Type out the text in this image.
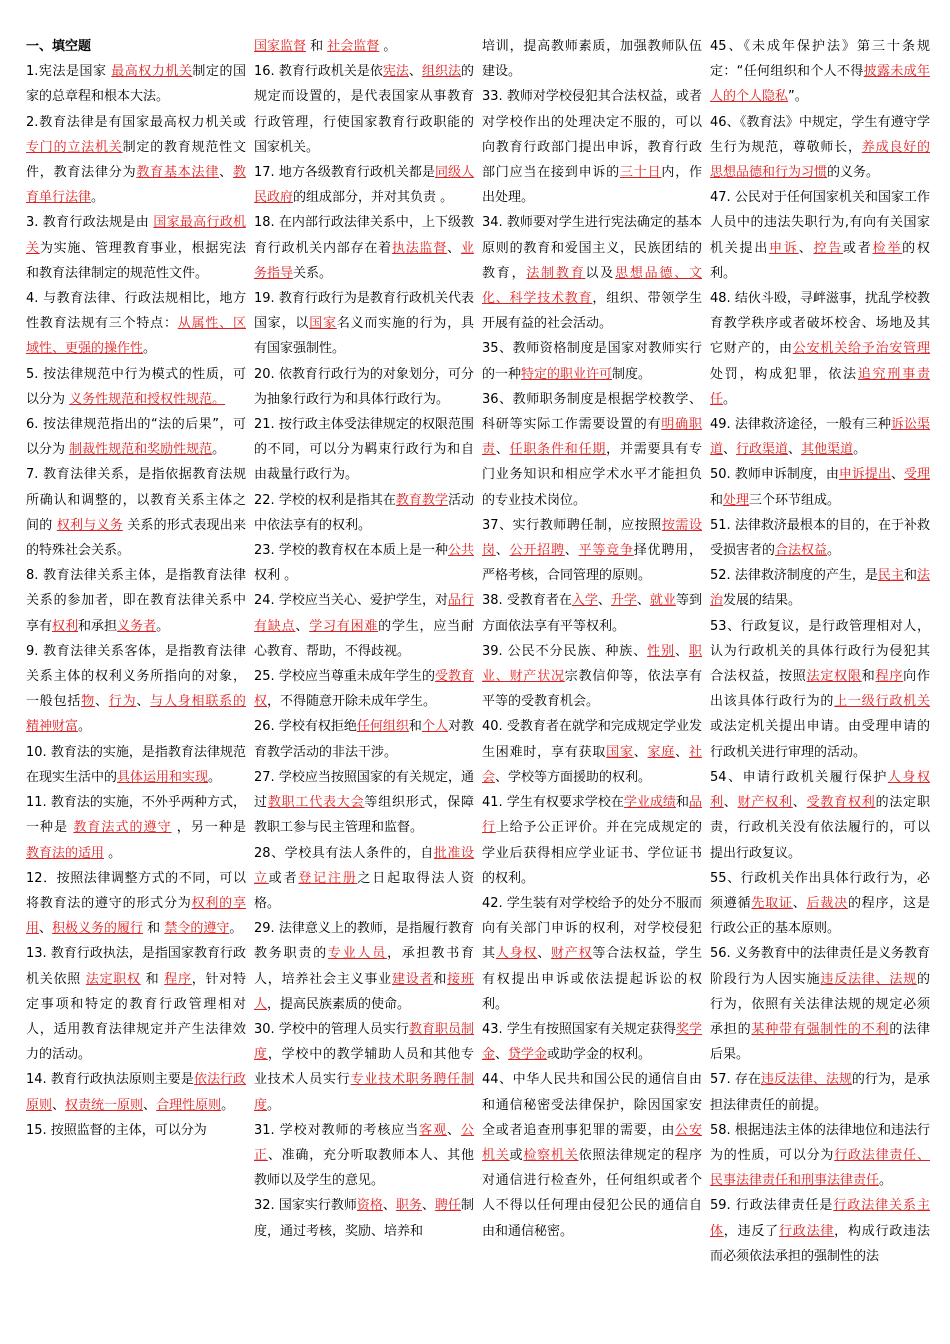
一、填空题

1.宪法是国家 最高权力机关制定的国家的总章程和根本大法。

2.教育法律是有国家最高权力机关或专门的立法机关制定的教育规范性文件，教育法律分为教育基本法律、教育单行法律。

3. 教育行政法规是由 国家最高行政机关为实施、管理教育事业，根据宪法和教育法律制定的规范性文件。

4. 与教育法律、行政法规相比，地方性教育法规有三个特点：从属性、区域性、更强的操作性。

5. 按法律规范中行为模式的性质，可以分为 义务性规范和授权性规范。

6. 按法律规范指出的“法的后果”，可以分为 制裁性规范和奖励性规范。

7. 教育法律关系，是指依据教育法规所确认和调整的，以教育关系主体之间的 权利与义务 关系的形式表现出来的特殊社会关系。

8. 教育法律关系主体，是指教育法律关系的参加者，即在教育法律关系中享有权利和承担义务者。

9. 教育法律关系客体，是指教育法律关系主体的权利义务所指向的对象，一般包括物、行为、与人身相联系的精神财富。

10. 教育法的实施，是指教育法律规范在现实生活中的具体运用和实现。

11. 教育法的实施，不外乎两种方式，一种是 教育法式的遵守 ，另一种是 教育法的适用 。

12．按照法律调整方式的不同，可以将教育法的遵守的形式分为权利的享用、积极义务的履行 和 禁令的遵守。

13. 教育行政执法，是指国家教育行政机关依照 法定职权 和 程序，针对特定事项和特定的教育行政管理相对人，适用教育法律规定并产生法律效力的活动。

14. 教育行政执法原则主要是依法行政原则、权责统一原则、合理性原则。

15. 按照监督的主体，可以分为

国家监督 和 社会监督 。

16. 教育行政机关是依宪法、组织法的规定而设置的，是代表国家从事教育行政管理，行使国家教育行政职能的国家机关。

17. 地方各级教育行政机关都是同级人民政府的组成部分，并对其负责 。

18. 在内部行政法律关系中，上下级教育行政机关内部存在着执法监督、业务指导关系。

19. 教育行政行为是教育行政机关代表国家，以国家名义而实施的行为，具有国家强制性。

20. 依教育行政行为的对象划分，可分为抽象行政行为和具体行政行为。

21. 按行政主体受法律规定的权限范围的不同，可以分为羁束行政行为和自由裁量行政行为。

22. 学校的权利是指其在教育教学活动中依法享有的权利。

23. 学校的教育权在本质上是一种公共权利 。

24. 学校应当关心、爱护学生，对品行有缺点、学习有困难的学生，应当耐心教育、帮助，不得歧视。

25. 学校应当尊重未成年学生的受教育权，不得随意开除未成年学生。

26. 学校有权拒绝任何组织和个人对教育教学活动的非法干涉。

27. 学校应当按照国家的有关规定，通过教职工代表大会等组织形式，保障教职工参与民主管理和监督。

28、学校具有法人条件的，自批准设立或者登记注册之日起取得法人资格。

29. 法律意义上的教师，是指履行教育教务职责的专业人员，承担教书育人，培养社会主义事业建设者和接班人，提高民族素质的使命。

30. 学校中的管理人员实行教育职员制度，学校中的教学辅助人员和其他专业技术人员实行专业技术职务聘任制度。

31. 学校对教师的考核应当客观、公正、准确，充分听取教师本人、其他教师以及学生的意见。

32. 国家实行教师资格、职务、聘任制度，通过考核，奖励、培养和

培训，提高教师素质，加强教师队伍建设。

33. 教师对学校侵犯其合法权益，或者对学校作出的处理决定不服的，可以向教育行政部门提出申诉，教育行政部门应当在接到申诉的三十日内，作出处理。

34. 教师要对学生进行宪法确定的基本原则的教育和爱国主义，民族团结的教育，法制教育以及思想品德、文化、科学技术教育，组织、带领学生开展有益的社会活动。

35、教师资格制度是国家对教师实行的一种特定的职业许可制度。

36、教师职务制度是根据学校教学、科研等实际工作需要设置的有明确职责、任职条件和任期，并需要具有专门业务知识和相应学术水平才能担负的专业技术岗位。

37、实行教师聘任制，应按照按需设岗、公开招聘、平等竞争择优聘用，严格考核，合同管理的原则。

38. 受教育者在入学、升学、就业等到方面依法享有平等权利。

39. 公民不分民族、种族、性别、职业、财产状况宗教信仰等，依法享有平等的受教育机会。

40. 受教育者在就学和完成规定学业发生困难时，享有获取国家、家庭、社会、学校等方面援助的权利。

41. 学生有权要求学校在学业成绩和品行上给予公正评价。并在完成规定的学业后获得相应学业证书、学位证书的权利。

42. 学生装有对学校给予的处分不服而向有关部门申诉的权利，对学校侵犯其人身权、财产权等合法权益，学生有权提出申诉或依法提起诉讼的权利。

43. 学生有按照国家有关规定获得奖学金、贷学金或助学金的权利。

44、中华人民共和国公民的通信自由和通信秘密受法律保护，除因国家安全或者追查刑事犯罪的需要，由公安机关或检察机关依照法律规定的程序对通信进行检查外，任何组织或者个人不得以任何理由侵犯公民的通信自由和通信秘密。

45、《未成年保护法》第三十条规定：“任何组织和个人不得披露未成年人的个人隐私”。

46、《教育法》中规定，学生有遵守学生行为规范，尊敬师长，养成良好的思想品德和行为习惯的义务。

47. 公民对于任何国家机关和国家工作人员中的违法失职行为,有向有关国家机关提出申诉、控告或者检举的权利。

48. 结伙斗殴，寻衅滋事，扰乱学校教育教学秩序或者破坏校舍、场地及其它财产的，由公安机关给予治安管理处罚，构成犯罪，依法追究刑事责任。

49. 法律救济途径，一般有三种诉讼渠道、行政渠道、其他渠道。

50. 教师申诉制度，由申诉提出、受理和处理三个环节组成。

51. 法律救济最根本的目的，在于补救受损害者的合法权益。

52. 法律救济制度的产生，是民主和法治发展的结果。

53、行政复议，是行政管理相对人，认为行政机关的具体行政行为侵犯其合法权益，按照法定权限和程序向作出该具体行政行为的上一级行政机关或法定机关提出申请。由受理申请的行政机关进行审理的活动。

54、申请行政机关履行保护人身权利、财产权利、受教育权利的法定职责，行政机关没有依法履行的，可以提出行政复议。

55、行政机关作出具体行政行为，必须遵循先取证、后裁决的程序，这是行政公正的基本原则。

56. 义务教育中的法律责任是义务教育阶段行为人因实施违反法律、法规的行为，依照有关法律法规的规定必须承担的某种带有强制性的不利的法律后果。

57. 存在违反法律、法规的行为，是承担法律责任的前提。

58. 根据违法主体的法律地位和违法行为的性质，可以分为行政法律责任、民事法律责任和刑事法律责任。

59. 行政法律责任是行政法律关系主体，违反了行政法律，构成行政违法而必须依法承担的强制性的法
